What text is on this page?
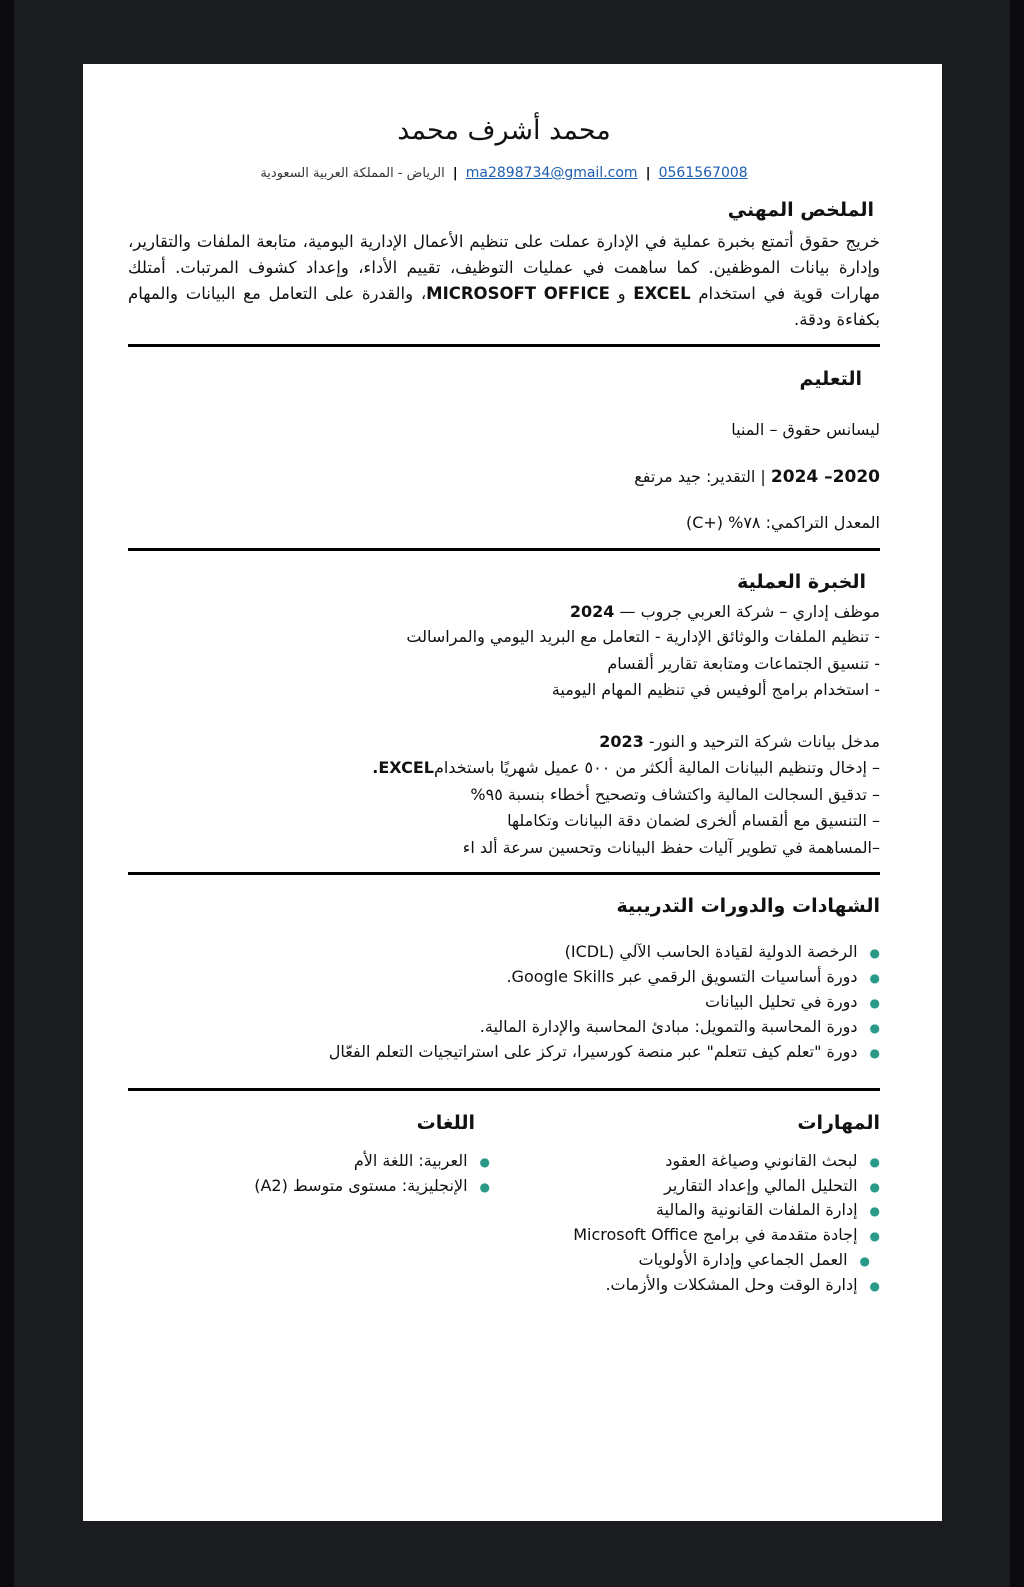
محمد أشرف محمد
0561567008 | ma2898734@gmail.com | الرياض - المملكة العربية السعودية
الملخص المهني
خريج حقوق أتمتع بخبرة عملية في الإدارة عملت على تنظيم الأعمال الإدارية اليومية، متابعة الملفات والتقارير، وإدارة بيانات الموظفين. كما ساهمت في عمليات التوظيف، تقييم الأداء، وإعداد كشوف المرتبات. أمتلك مهارات قوية في استخدام EXCEL و MICROSOFT OFFICE، والقدرة على التعامل مع البيانات والمهام بكفاءة ودقة.
التعليم
ليسانس حقوق – المنيا
2020– 2024 | التقدير: جيد مرتفع
المعدل التراكمي: ٧٨% (+C)
الخبرة العملية
موظف إداري – شركة العربي جروب — 2024
- تنظيم الملفات والوثائق الإدارية - التعامل مع البريد اليومي والمراسالت
- تنسيق الجتماعات ومتابعة تقارير ألقسام
- استخدام برامج ألوفيس في تنظيم المهام اليومية
مدخل بيانات شركة الترحيد و النور- 2023
– إدخال وتنظيم البيانات المالية ألكثر من ٥٠٠ عميل شهريًا باستخدامEXCEL.
– تدقيق السجالت المالية واكتشاف وتصحيح أخطاء بنسبة ٩٥%
– التنسيق مع ألقسام ألخرى لضمان دقة البيانات وتكاملها
–المساهمة في تطوير آليات حفظ البيانات وتحسين سرعة ألد اء
الشهادات والدورات التدريبية
●الرخصة الدولية لقيادة الحاسب الآلي (ICDL)
●دورة أساسيات التسويق الرقمي عبر Google Skills.
●دورة في تحليل البيانات
●دورة المحاسبة والتمويل: مبادئ المحاسبة والإدارة المالية.
●دورة "تعلم كيف تتعلم" عبر منصة كورسيرا، تركز على استراتيجيات التعلم الفعّال
المهارات
●لبحث القانوني وصياغة العقود
●التحليل المالي وإعداد التقارير
●إدارة الملفات القانونية والمالية
●إجادة متقدمة في برامج Microsoft Office
●العمل الجماعي وإدارة الأولويات
●إدارة الوقت وحل المشكلات والأزمات.
اللغات
●العربية: اللغة الأم
●الإنجليزية: مستوى متوسط (A2)
